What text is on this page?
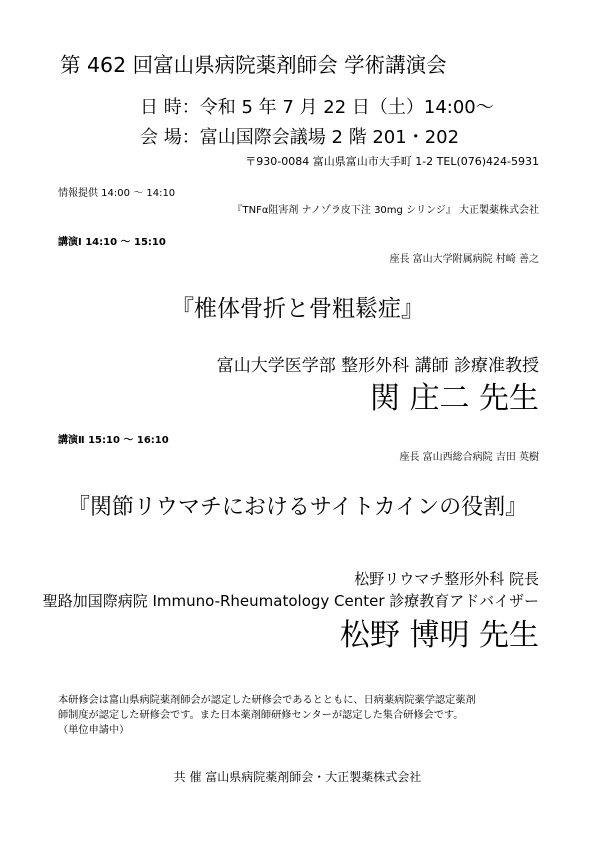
第 462 回富山県病院薬剤師会 学術講演会
日 時：令和 5 年 7 月 22 日（土）14:00～
会 場：富山国際会議場 2 階 201・202
〒930-0084 富山県富山市大手町 1-2 TEL(076)424-5931
情報提供 14:00 ～ 14:10
『TNFα阻害剤 ナノゾラ皮下注 30mg シリンジ』 大正製薬株式会社
講演Ⅰ 14:10 ～ 15:10
座長 富山大学附属病院 村崎 善之
『椎体骨折と骨粗鬆症』
富山大学医学部 整形外科 講師 診療准教授
関 庄二 先生
講演Ⅱ 15:10 ～ 16:10
座長 富山西総合病院 吉田 英樹
『関節リウマチにおけるサイトカインの役割』
松野リウマチ整形外科 院長
聖路加国際病院 Immuno-Rheumatology Center 診療教育アドバイザー
松野 博明 先生
本研修会は富山県病院薬剤師会が認定した研修会であるとともに、日病薬病院薬学認定薬剤
師制度が認定した研修会です。また日本薬剤師研修センターが認定した集合研修会です。
（単位申請中）
共 催 富山県病院薬剤師会・大正製薬株式会社
